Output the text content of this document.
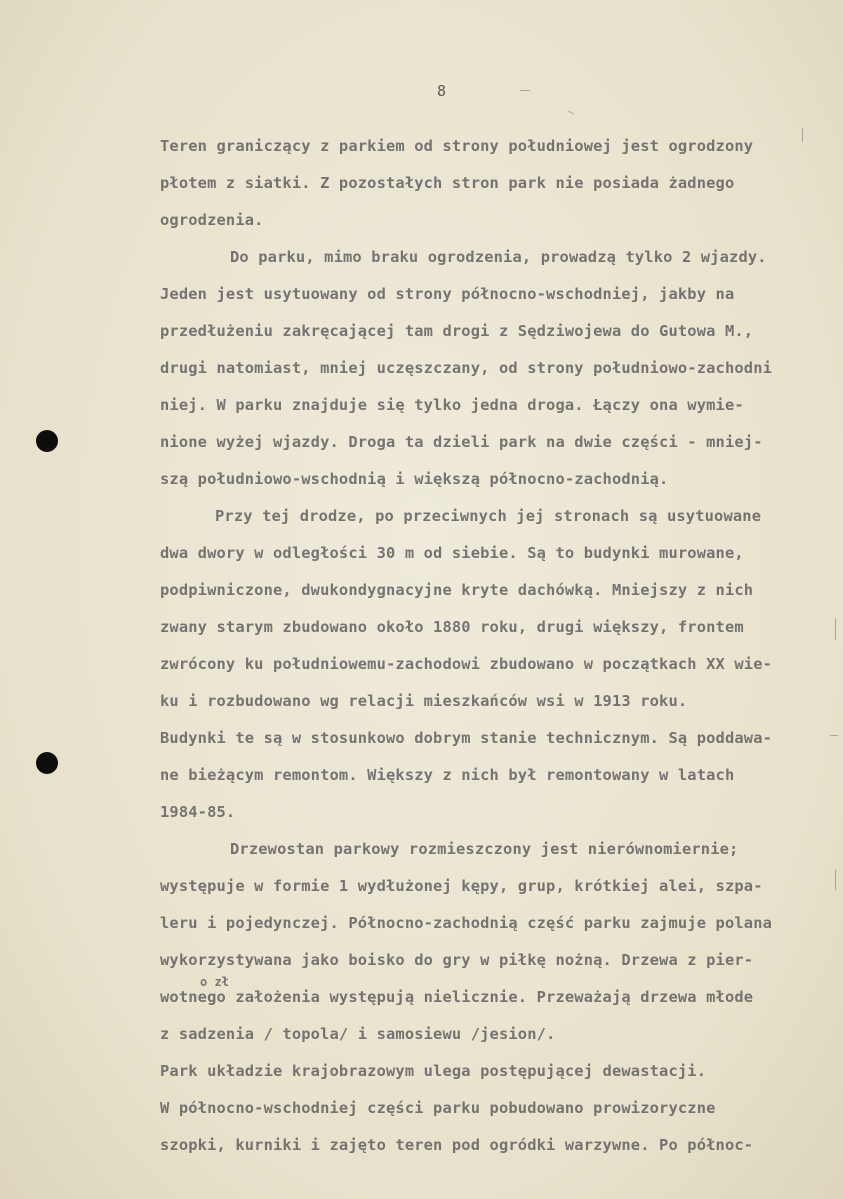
8
Teren graniczący z parkiem od strony południowej jest ogrodzony
płotem z siatki. Z pozostałych stron park nie posiada żadnego
ogrodzenia.
Do parku, mimo braku ogrodzenia, prowadzą tylko 2 wjazdy.
Jeden jest usytuowany od strony północno-wschodniej, jakby na
przedłużeniu zakręcającej tam drogi z Sędziwojewa do Gutowa M.,
drugi natomiast, mniej uczęszczany, od strony południowo-zachodni
niej. W parku znajduje się tylko jedna droga. Łączy ona wymie-
nione wyżej wjazdy. Droga ta dzieli park na dwie części - mniej-
szą południowo-wschodnią i większą północno-zachodnią.
Przy tej drodze, po przeciwnych jej stronach są usytuowane
dwa dwory w odległości 30 m od siebie. Są to budynki murowane,
podpiwniczone, dwukondygnacyjne kryte dachówką. Mniejszy z nich
zwany starym zbudowano około 1880 roku, drugi większy, frontem
zwrócony ku południowemu-zachodowi zbudowano w początkach XX wie-
ku i rozbudowano wg relacji mieszkańców wsi w 1913 roku.
Budynki te są w stosunkowo dobrym stanie technicznym. Są poddawa-
ne bieżącym remontom. Większy z nich był remontowany w latach
1984-85.
Drzewostan parkowy rozmieszczony jest nierównomiernie;
występuje w formie 1 wydłużonej kępy, grup, krótkiej alei, szpa-
leru i pojedynczej. Północno-zachodnią część parku zajmuje polana
wykorzystywana jako boisko do gry w piłkę nożną. Drzewa z pier-
wotnego założenia występują nielicznie. Przeważają drzewa młode
z sadzenia / topola/ i samosiewu /jesion/.
Park układzie krajobrazowym ulega postępującej dewastacji.
W północno-wschodniej części parku pobudowano prowizoryczne
szopki, kurniki i zajęto teren pod ogródki warzywne. Po północ-
o zł
